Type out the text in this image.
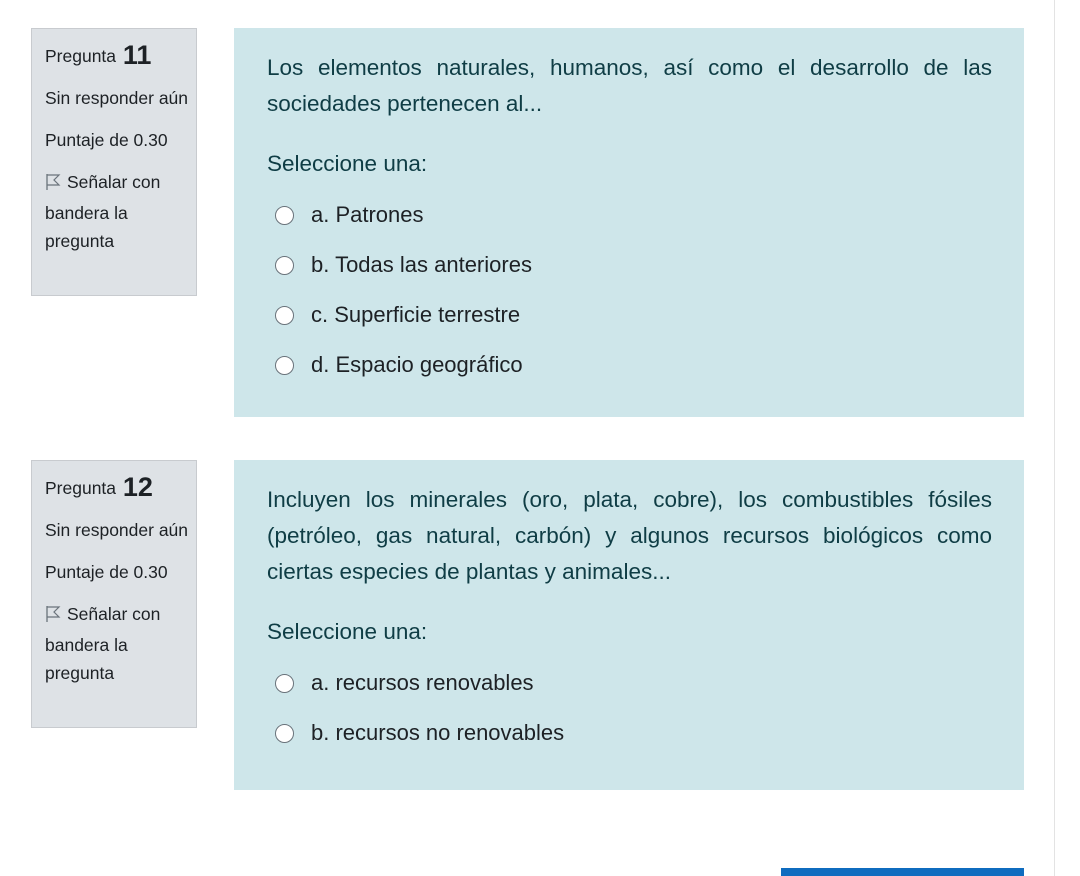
Pregunta 11
Sin responder aún
Puntaje de 0.30
Señalar con bandera la pregunta

Los elementos naturales, humanos, así como el desarrollo de las sociedades pertenecen al...

Seleccione una:
a. Patrones
b. Todas las anteriores
c. Superficie terrestre
d. Espacio geográfico
Pregunta 12
Sin responder aún
Puntaje de 0.30
Señalar con bandera la pregunta

Incluyen los minerales (oro, plata, cobre), los combustibles fósiles (petróleo, gas natural, carbón) y algunos recursos biológicos como ciertas especies de plantas y animales...

Seleccione una:
a. recursos renovables
b. recursos no renovables
